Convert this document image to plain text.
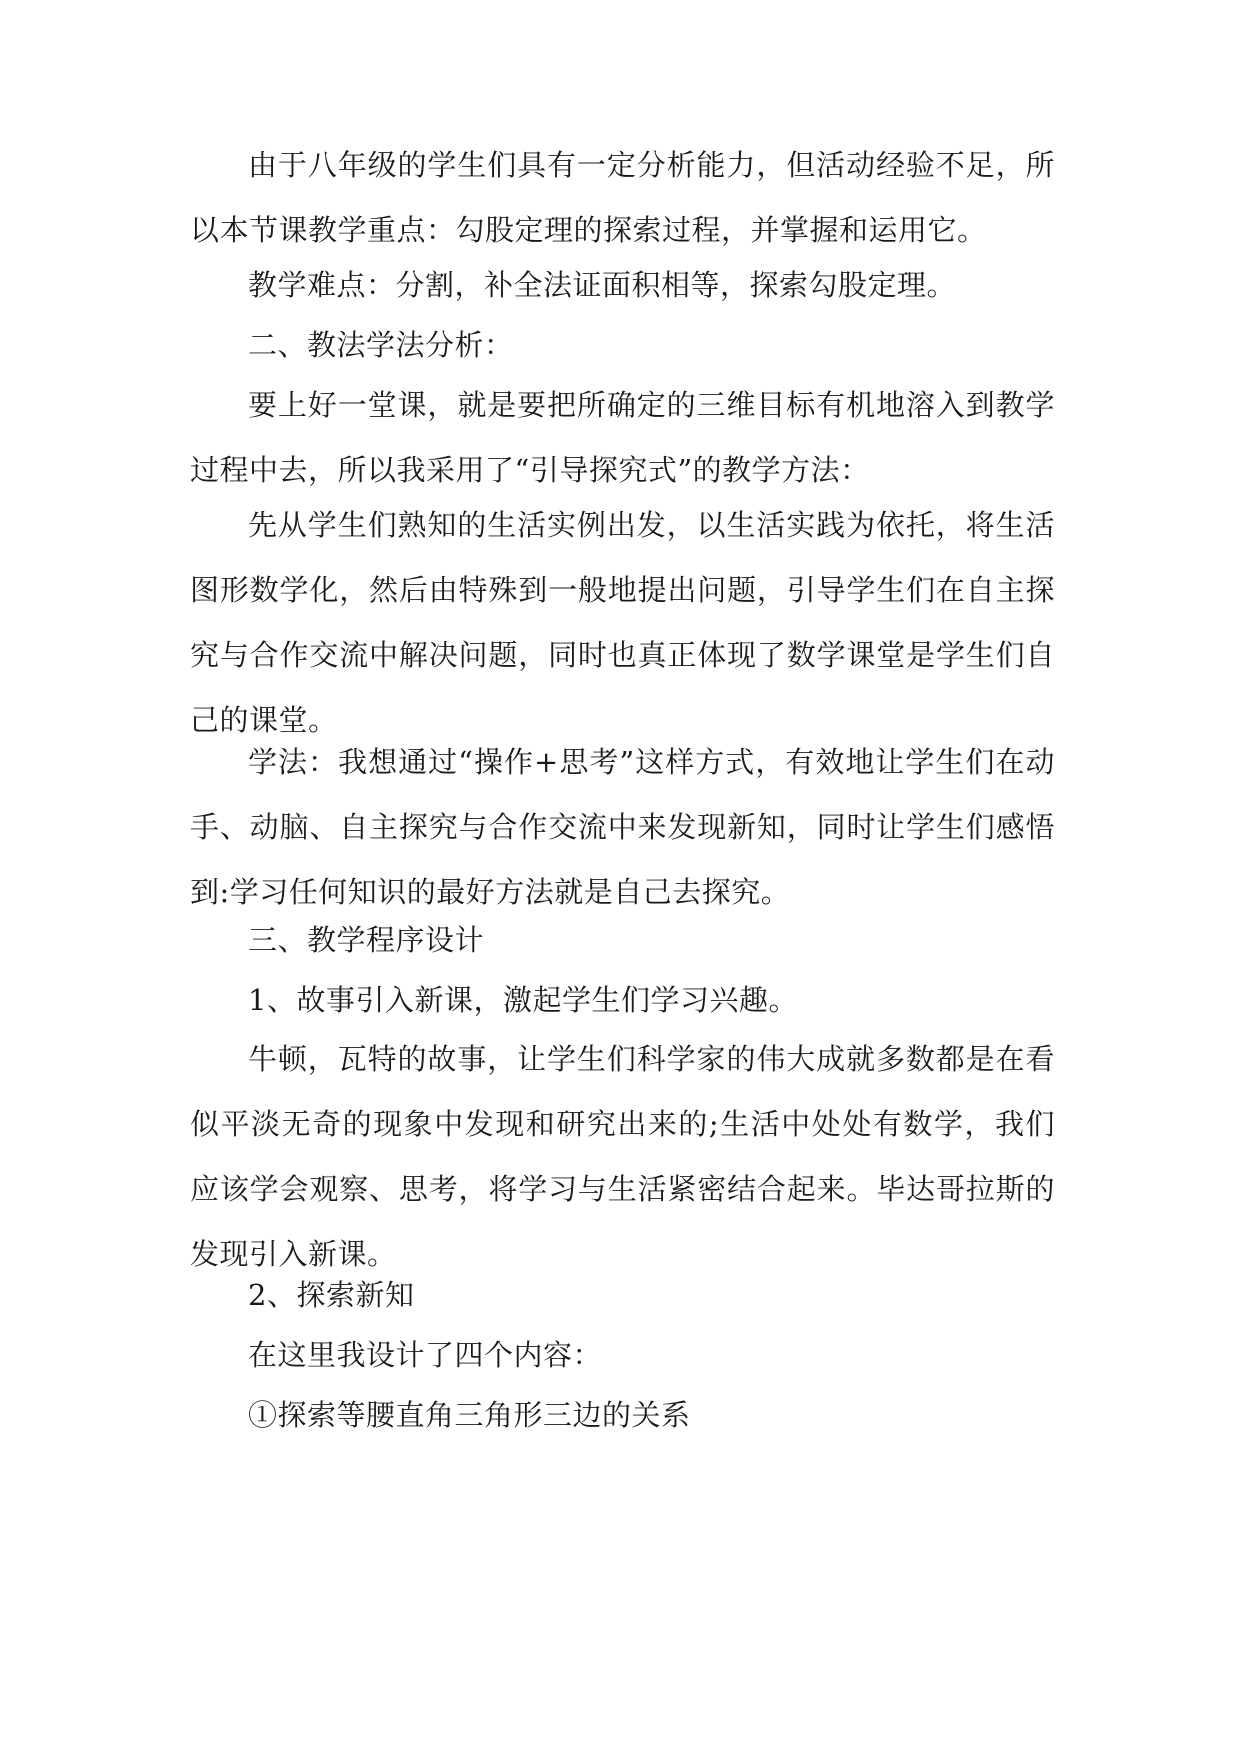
由于八年级的学生们具有一定分析能力，但活动经验不足，所以本节课教学重点：勾股定理的探索过程，并掌握和运用它。

教学难点：分割，补全法证面积相等，探索勾股定理。

二、教法学法分析：

要上好一堂课，就是要把所确定的三维目标有机地溶入到教学过程中去，所以我采用了“引导探究式”的教学方法：

先从学生们熟知的生活实例出发，以生活实践为依托，将生活图形数学化，然后由特殊到一般地提出问题，引导学生们在自主探究与合作交流中解决问题，同时也真正体现了数学课堂是学生们自己的课堂。

学法：我想通过“操作+思考”这样方式，有效地让学生们在动手、动脑、自主探究与合作交流中来发现新知，同时让学生们感悟到:学习任何知识的最好方法就是自己去探究。

三、教学程序设计

1、故事引入新课，激起学生们学习兴趣。

牛顿，瓦特的故事，让学生们科学家的伟大成就多数都是在看似平淡无奇的现象中发现和研究出来的;生活中处处有数学，我们应该学会观察、思考，将学习与生活紧密结合起来。毕达哥拉斯的发现引入新课。

2、探索新知

在这里我设计了四个内容：

①探索等腰直角三角形三边的关系
